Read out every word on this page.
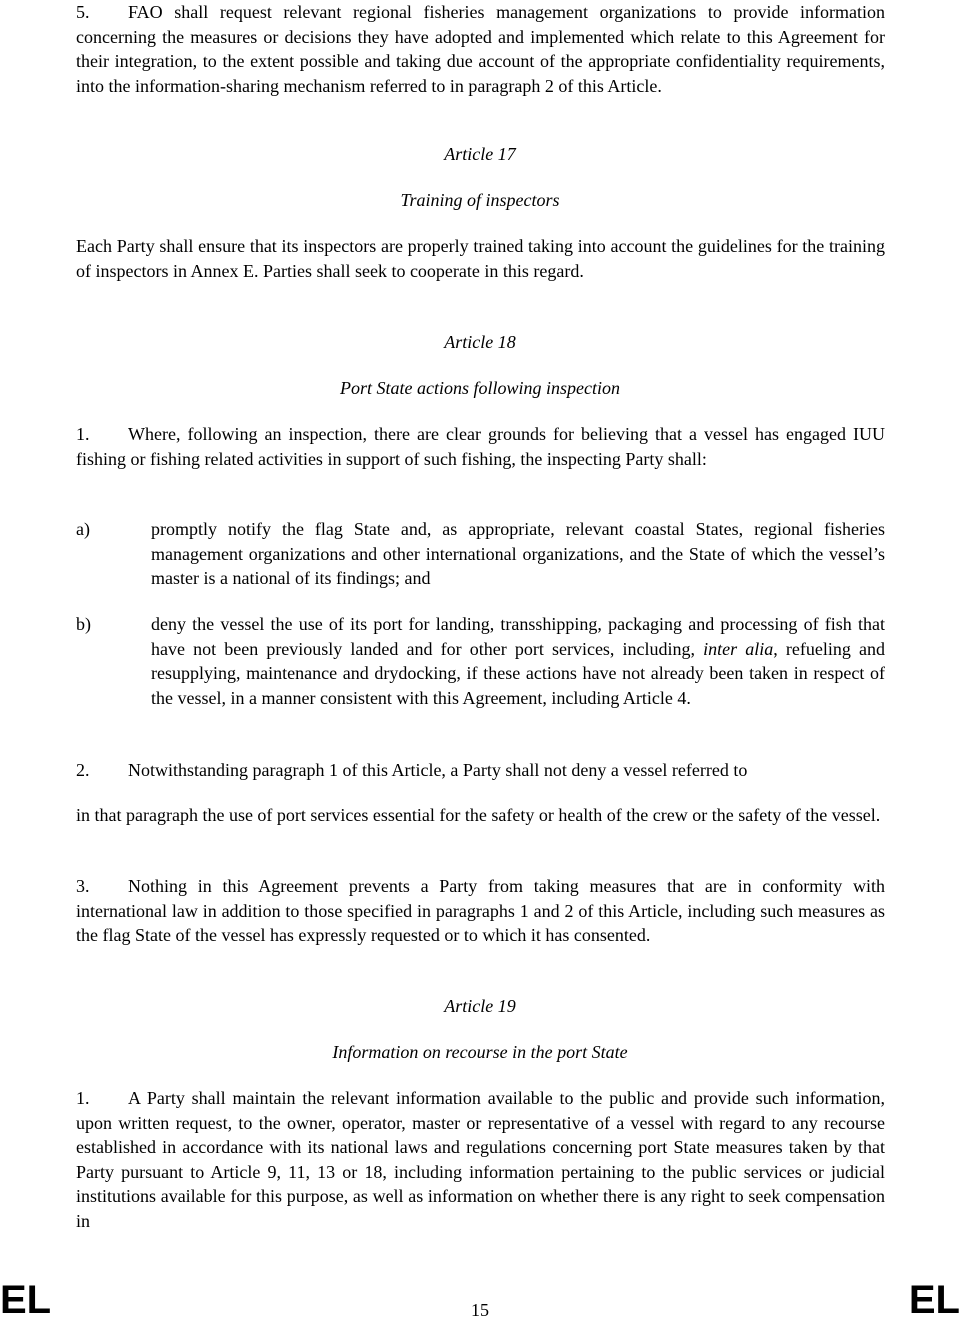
5. FAO shall request relevant regional fisheries management organizations to provide information concerning the measures or decisions they have adopted and implemented which relate to this Agreement for their integration, to the extent possible and taking due account of the appropriate confidentiality requirements, into the information-sharing mechanism referred to in paragraph 2 of this Article.

Article 17

Training of inspectors

Each Party shall ensure that its inspectors are properly trained taking into account the guidelines for the training of inspectors in Annex E. Parties shall seek to cooperate in this regard.

Article 18

Port State actions following inspection

1. Where, following an inspection, there are clear grounds for believing that a vessel has engaged IUU fishing or fishing related activities in support of such fishing, the inspecting Party shall:

a)	promptly notify the flag State and, as appropriate, relevant coastal States, regional fisheries management organizations and other international organizations, and the State of which the vessel’s master is a national of its findings; and
b)	deny the vessel the use of its port for landing, transshipping, packaging and processing of fish that have not been previously landed and for other port services, including, inter alia, refueling and resupplying, maintenance and drydocking, if these actions have not already been taken in respect of the vessel, in a manner consistent with this Agreement, including Article 4.

2. Notwithstanding paragraph 1 of this Article, a Party shall not deny a vessel referred to

in that paragraph the use of port services essential for the safety or health of the crew or the safety of the vessel.

3. Nothing in this Agreement prevents a Party from taking measures that are in conformity with international law in addition to those specified in paragraphs 1 and 2 of this Article, including such measures as the flag State of the vessel has expressly requested or to which it has consented.

Article 19

Information on recourse in the port State

1. A Party shall maintain the relevant information available to the public and provide such information, upon written request, to the owner, operator, master or representative of a vessel with regard to any recourse established in accordance with its national laws and regulations concerning port State measures taken by that Party pursuant to Article 9, 11, 13 or 18, including information pertaining to the public services or judicial institutions available for this purpose, as well as information on whether there is any right to seek compensation in

EL	15	EL
